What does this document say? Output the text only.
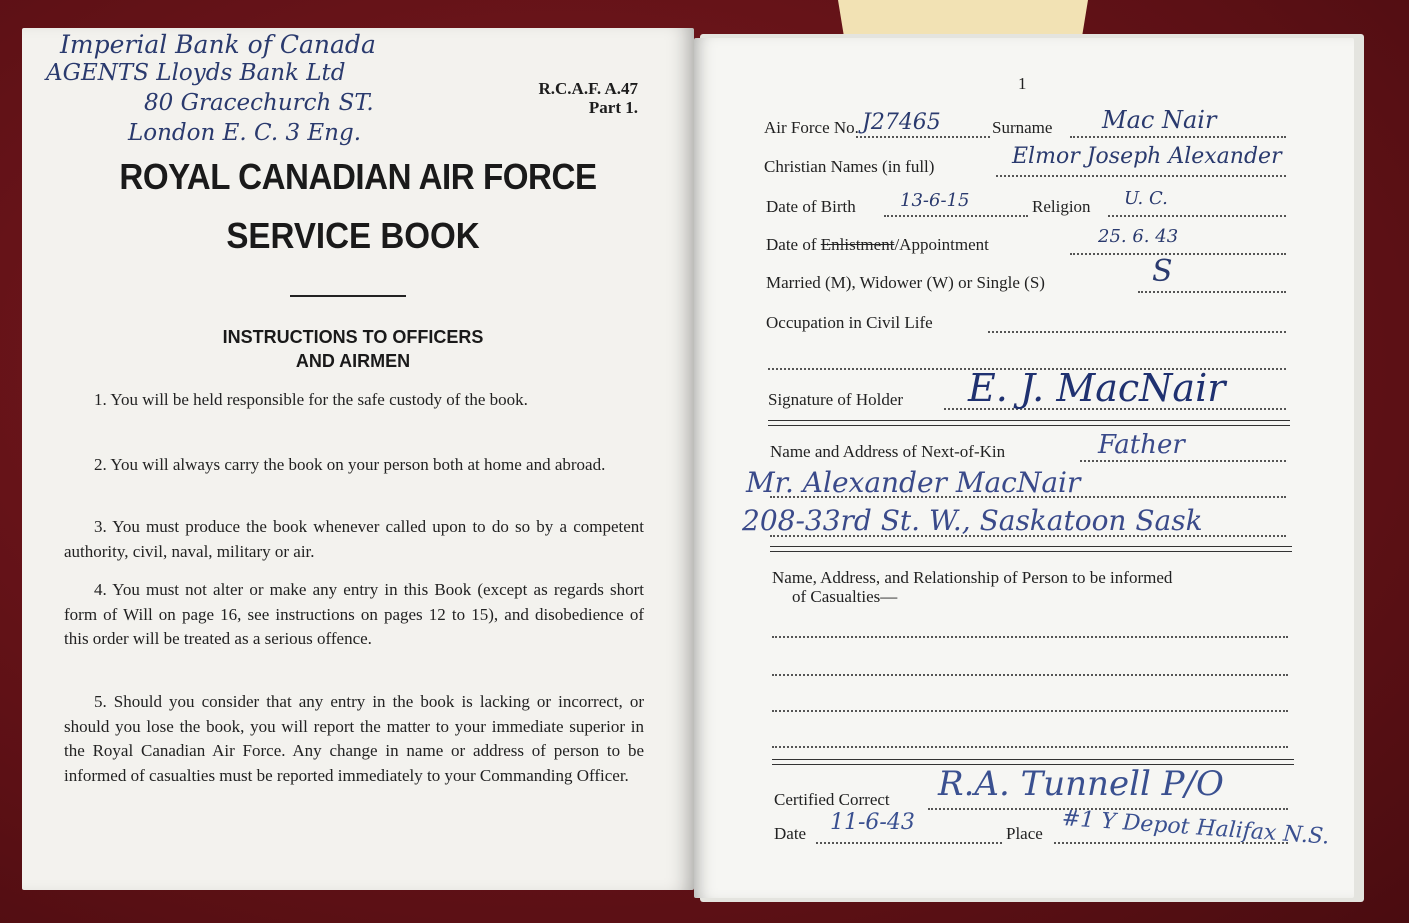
Imperial Bank of Canada
AGENTS Lloyds Bank Ltd
80 Gracechurch ST.
London E. C. 3 Eng.
R.C.A.F. A.47
Part 1.
ROYAL CANADIAN AIR FORCE
SERVICE BOOK
INSTRUCTIONS TO OFFICERS
AND AIRMEN
1. You will be held responsible for the safe custody of the book.
2. You will always carry the book on your person both at home and abroad.
3. You must produce the book whenever called upon to do so by a competent authority, civil, naval, military or air.
4. You must not alter or make any entry in this Book (except as regards short form of Will on page 16, see instructions on pages 12 to 15), and disobedience of this order will be treated as a serious offence.
5. Should you consider that any entry in the book is lacking or incorrect, or should you lose the book, you will report the matter to your immediate superior in the Royal Canadian Air Force. Any change in name or address of person to be informed of casualties must be reported immediately to your Commanding Officer.
1
Air Force No. J27465	Surname Mac Nair
Christian Names (in full)	Elmor Joseph Alexander
Date of Birth 13-6-15	Religion U. C.
Date of Enlistment/Appointment	25. 6. 43
Married (M), Widower (W) or Single (S)	S
Occupation in Civil Life
Signature of Holder E. J. MacNair
Name and Address of Next-of-Kin	Father
Mr. Alexander MacNair
208-33rd St. W., Saskatoon Sask
Name, Address, and Relationship of Person to be informed
of Casualties—
Certified Correct R.A. Tunnell P/O
Date 11-6-43	Place #1 Y Depot Halifax N.S.
